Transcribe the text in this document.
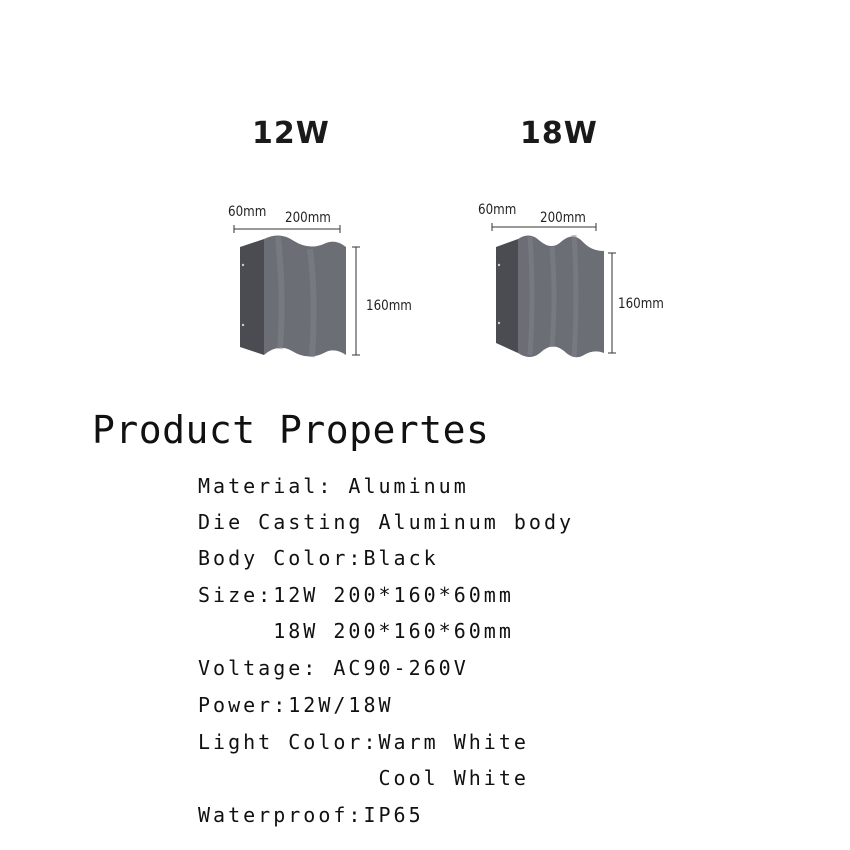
12W
60mm 200mm
160mm
18W
60mm 200mm
160mm
Product Propertes
Material: Aluminum
Die Casting Aluminum body
Body Color:Black
Size:12W 200*160*60mm
18W 200*160*60mm
Voltage: AC90-260V
Power:12W/18W
Light Color:Warm White
Cool White
Waterproof:IP65
